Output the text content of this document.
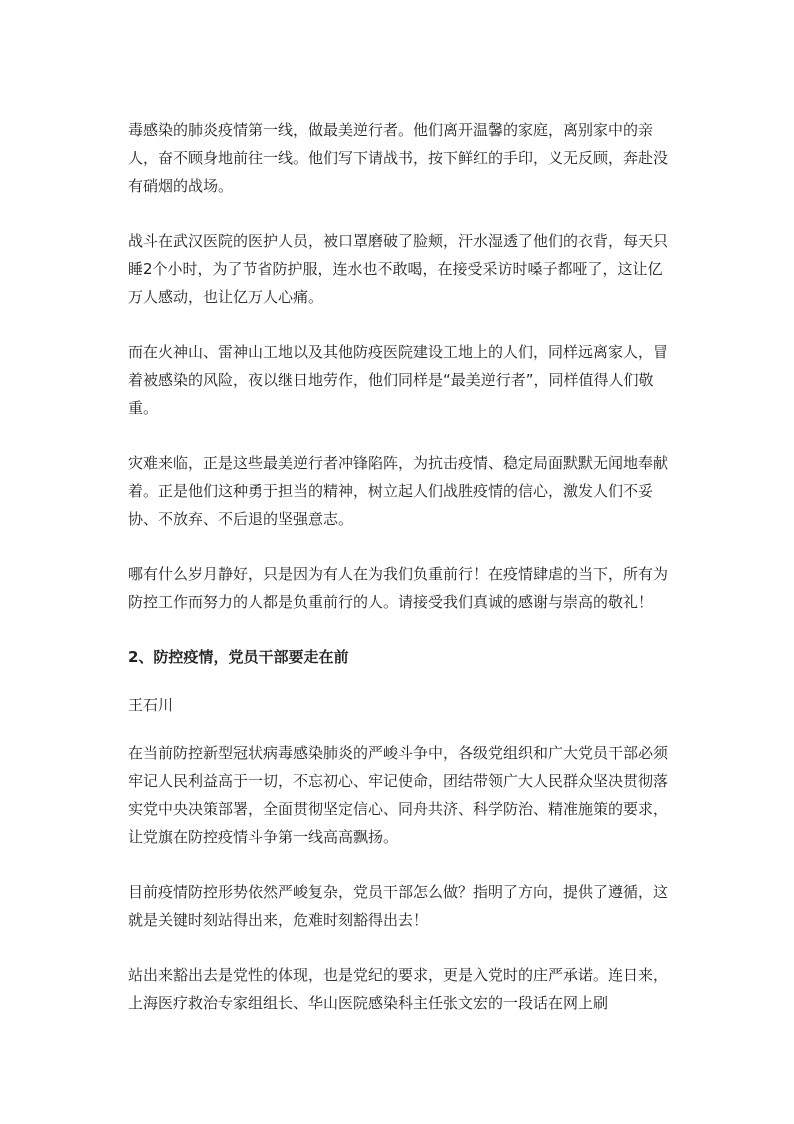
毒感染的肺炎疫情第一线，做最美逆行者。他们离开温馨的家庭，离别家中的亲人，奋不顾身地前往一线。他们写下请战书，按下鲜红的手印，义无反顾，奔赴没有硝烟的战场。

战斗在武汉医院的医护人员，被口罩磨破了脸颊，汗水湿透了他们的衣背，每天只睡2个小时，为了节省防护服，连水也不敢喝，在接受采访时嗓子都哑了，这让亿万人感动，也让亿万人心痛。

而在火神山、雷神山工地以及其他防疫医院建设工地上的人们，同样远离家人，冒着被感染的风险，夜以继日地劳作，他们同样是“最美逆行者”，同样值得人们敬重。

灾难来临，正是这些最美逆行者冲锋陷阵，为抗击疫情、稳定局面默默无闻地奉献着。正是他们这种勇于担当的精神，树立起人们战胜疫情的信心，激发人们不妥协、不放弃、不后退的坚强意志。

哪有什么岁月静好，只是因为有人在为我们负重前行！在疫情肆虐的当下，所有为防控工作而努力的人都是负重前行的人。请接受我们真诚的感谢与崇高的敬礼！

2、防控疫情，党员干部要走在前

王石川

在当前防控新型冠状病毒感染肺炎的严峻斗争中，各级党组织和广大党员干部必须牢记人民利益高于一切，不忘初心、牢记使命，团结带领广大人民群众坚决贯彻落实党中央决策部署，全面贯彻坚定信心、同舟共济、科学防治、精准施策的要求，让党旗在防控疫情斗争第一线高高飘扬。

目前疫情防控形势依然严峻复杂，党员干部怎么做？指明了方向，提供了遵循，这就是关键时刻站得出来，危难时刻豁得出去！

站出来豁出去是党性的体现，也是党纪的要求，更是入党时的庄严承诺。连日来，上海医疗救治专家组组长、华山医院感染科主任张文宏的一段话在网上刷
